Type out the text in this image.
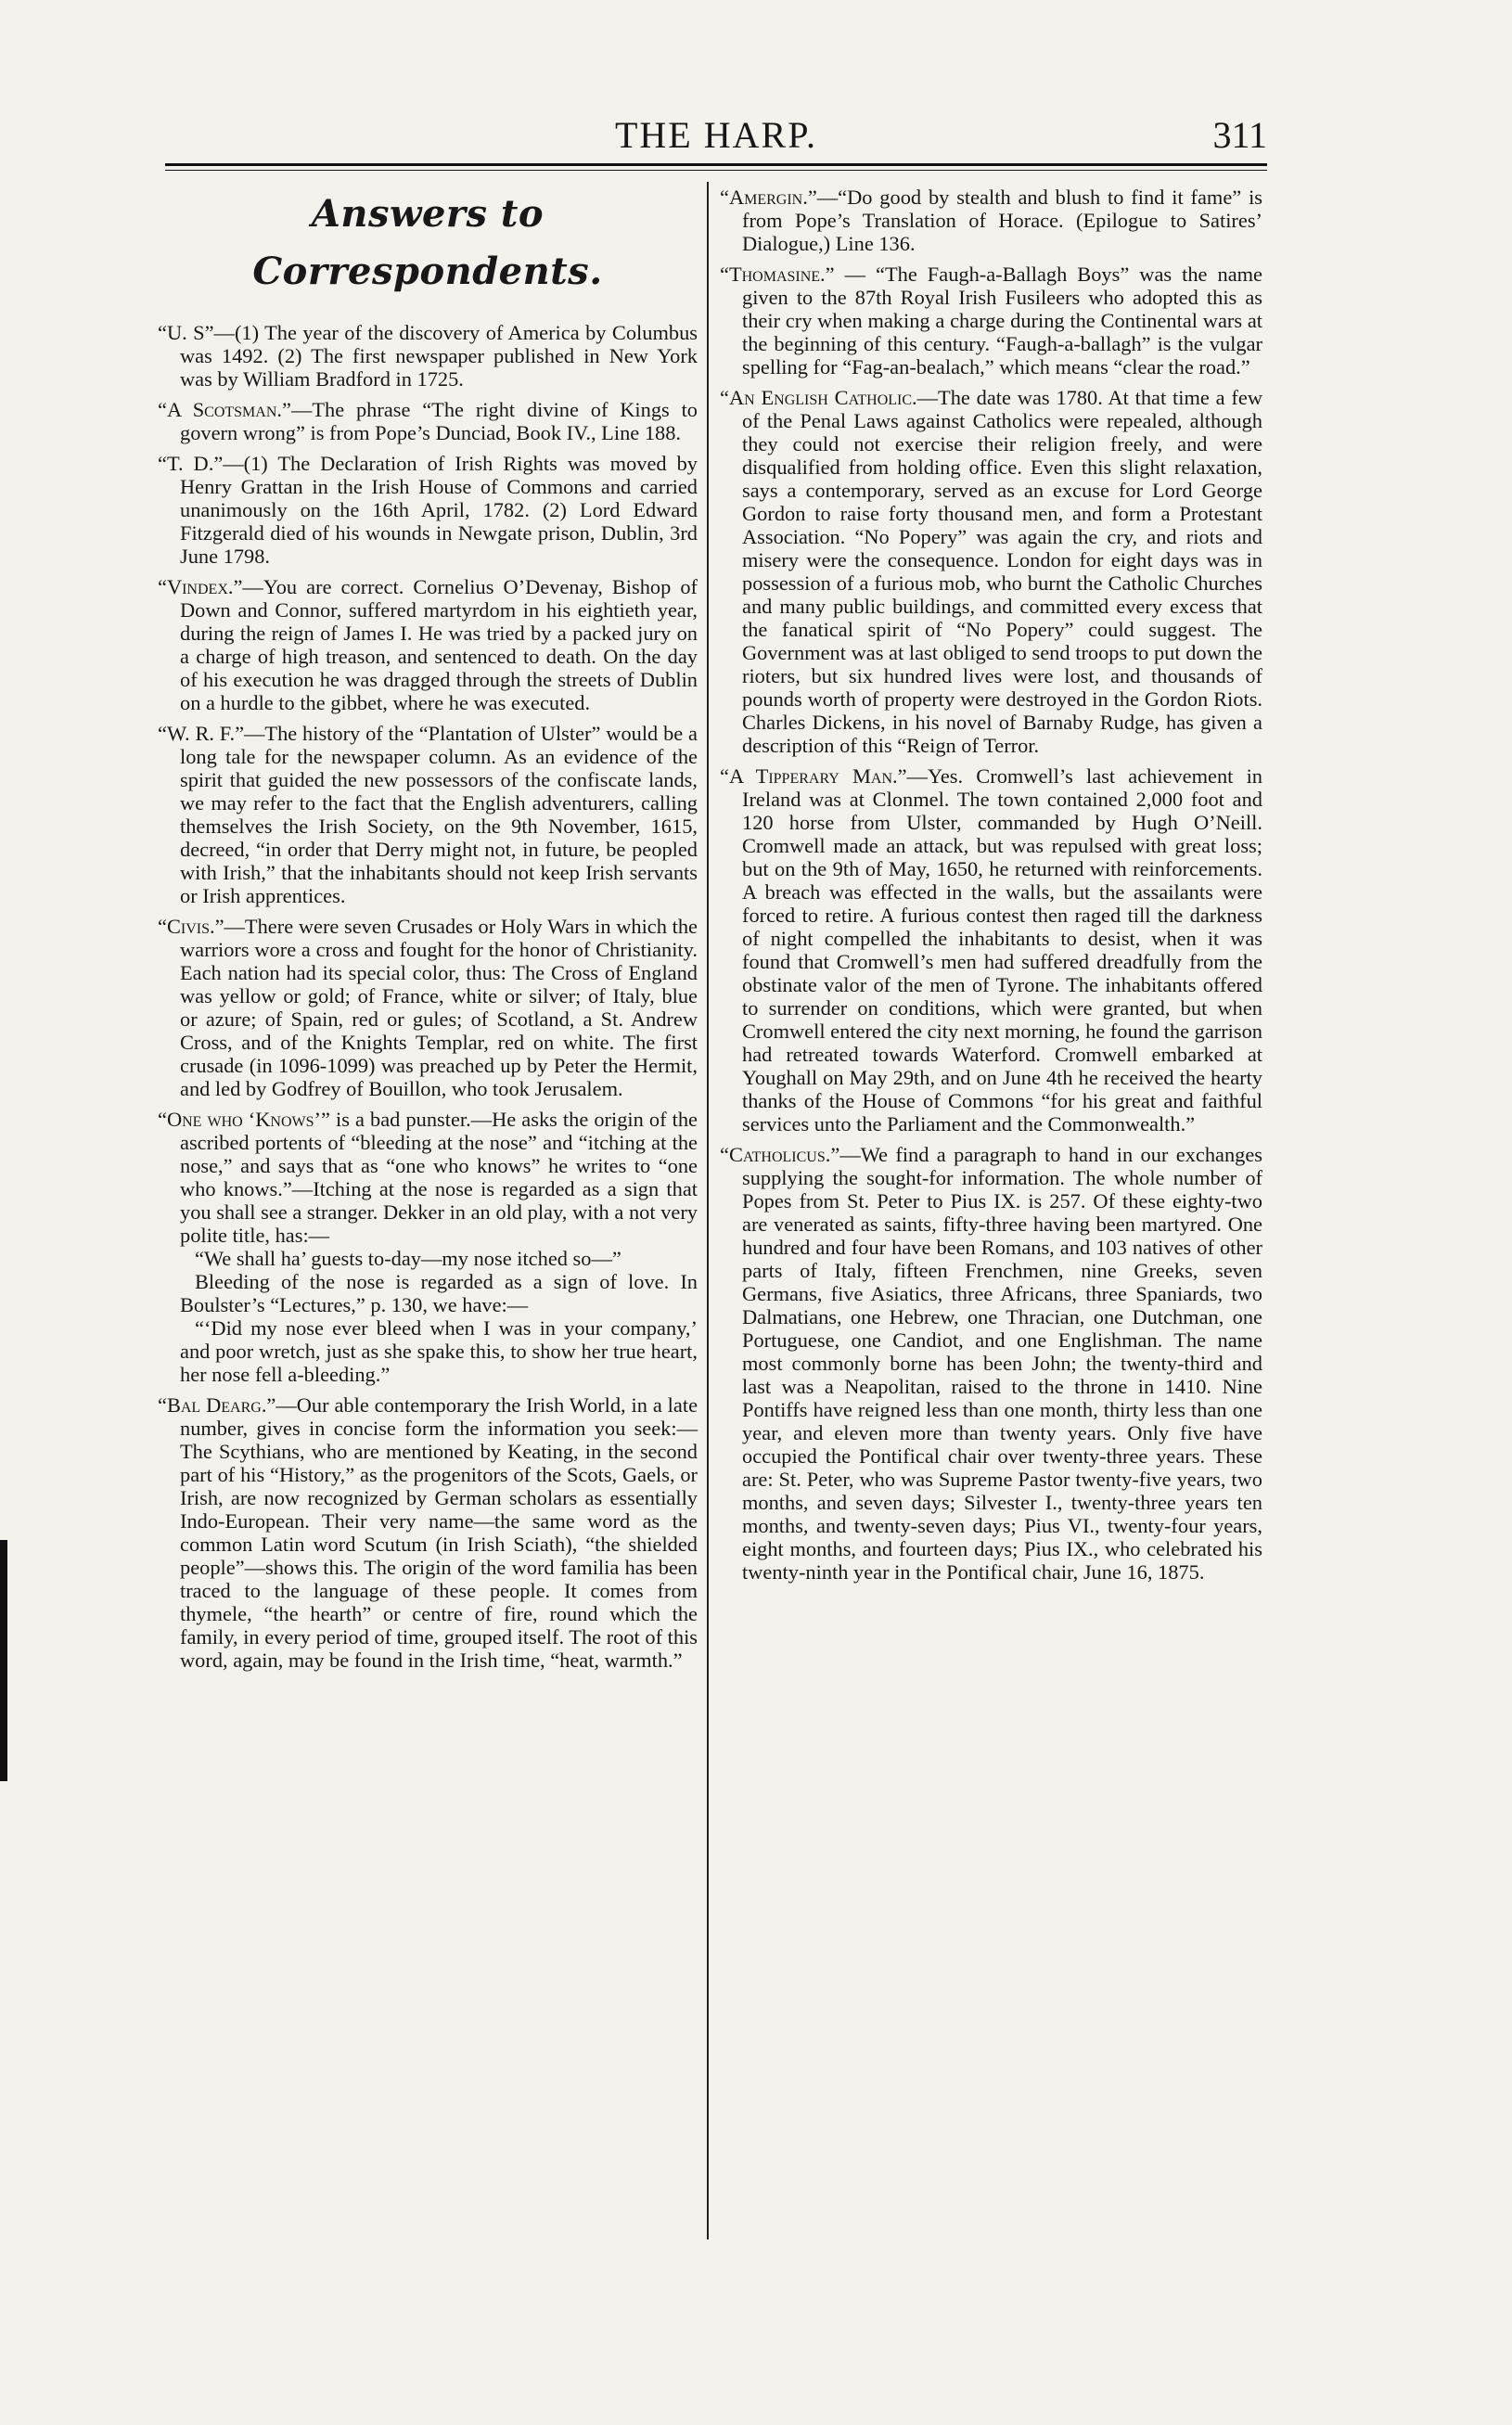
THE HARP.	311
Answers to Correspondents.

“U. S”—(1) The year of the discovery of America by Columbus was 1492. (2) The first newspaper published in New York was by William Bradford in 1725.

“A Scotsman.”—The phrase “The right divine of Kings to govern wrong” is from Pope’s Dunciad, Book IV., Line 188.

“T. D.”—(1) The Declaration of Irish Rights was moved by Henry Grattan in the Irish House of Commons and carried unanimously on the 16th April, 1782. (2) Lord Edward Fitzgerald died of his wounds in Newgate prison, Dublin, 3rd June 1798.

“Vindex.”—You are correct. Cornelius O’Devenay, Bishop of Down and Connor, suffered martyrdom in his eightieth year, during the reign of James I. He was tried by a packed jury on a charge of high treason, and sentenced to death. On the day of his execution he was dragged through the streets of Dublin on a hurdle to the gibbet, where he was executed.

“W. R. F.”—The history of the “Plantation of Ulster” would be a long tale for the newspaper column. As an evidence of the spirit that guided the new possessors of the confiscate lands, we may refer to the fact that the English adventurers, calling themselves the Irish Society, on the 9th November, 1615, decreed, “in order that Derry might not, in future, be peopled with Irish,” that the inhabitants should not keep Irish servants or Irish apprentices.

“Civis.”—There were seven Crusades or Holy Wars in which the warriors wore a cross and fought for the honor of Christianity. Each nation had its special color, thus: The Cross of England was yellow or gold; of France, white or silver; of Italy, blue or azure; of Spain, red or gules; of Scotland, a St. Andrew Cross, and of the Knights Templar, red on white. The first crusade (in 1096-1099) was preached up by Peter the Hermit, and led by Godfrey of Bouillon, who took Jerusalem.

“One who ‘Knows’” is a bad punster.—He asks the origin of the ascribed portents of “bleeding at the nose” and “itching at the nose,” and says that as “one who knows” he writes to “one who knows.”—Itching at the nose is regarded as a sign that you shall see a stranger. Dekker in an old play, with a not very polite title, has:—

“We shall ha’ guests to-day—my nose itched so—”

Bleeding of the nose is regarded as a sign of love. In Boulster’s “Lectures,” p. 130, we have:—

“‘Did my nose ever bleed when I was in your company,’ and poor wretch, just as she spake this, to show her true heart, her nose fell a-bleeding.”

“Bal Dearg.”—Our able contemporary the Irish World, in a late number, gives in concise form the information you seek:—The Scythians, who are mentioned by Keating, in the second part of his “History,” as the progenitors of the Scots, Gaels, or Irish, are now recognized by German scholars as essentially Indo-European. Their very name—the same word as the common Latin word Scutum (in Irish Sciath), “the shielded people”—shows this. The origin of the word familia has been traced to the language of these people. It comes from thymele, “the hearth” or centre of fire, round which the family, in every period of time, grouped itself. The root of this word, again, may be found in the Irish time, “heat, warmth.”

“Amergin.”—“Do good by stealth and blush to find it fame” is from Pope’s Translation of Horace. (Epilogue to Satires’ Dialogue,) Line 136.

“Thomasine.” — “The Faugh-a-Ballagh Boys” was the name given to the 87th Royal Irish Fusileers who adopted this as their cry when making a charge during the Continental wars at the beginning of this century. “Faugh-a-ballagh” is the vulgar spelling for “Fag-an-bealach,” which means “clear the road.”

“An English Catholic.—The date was 1780. At that time a few of the Penal Laws against Catholics were repealed, although they could not exercise their religion freely, and were disqualified from holding office. Even this slight relaxation, says a contemporary, served as an excuse for Lord George Gordon to raise forty thousand men, and form a Protestant Association. “No Popery” was again the cry, and riots and misery were the consequence. London for eight days was in possession of a furious mob, who burnt the Catholic Churches and many public buildings, and committed every excess that the fanatical spirit of “No Popery” could suggest. The Government was at last obliged to send troops to put down the rioters, but six hundred lives were lost, and thousands of pounds worth of property were destroyed in the Gordon Riots. Charles Dickens, in his novel of Barnaby Rudge, has given a description of this “Reign of Terror.

“A Tipperary Man.”—Yes. Cromwell’s last achievement in Ireland was at Clonmel. The town contained 2,000 foot and 120 horse from Ulster, commanded by Hugh O’Neill. Cromwell made an attack, but was repulsed with great loss; but on the 9th of May, 1650, he returned with reinforcements. A breach was effected in the walls, but the assailants were forced to retire. A furious contest then raged till the darkness of night compelled the inhabitants to desist, when it was found that Cromwell’s men had suffered dreadfully from the obstinate valor of the men of Tyrone. The inhabitants offered to surrender on conditions, which were granted, but when Cromwell entered the city next morning, he found the garrison had retreated towards Waterford. Cromwell embarked at Youghall on May 29th, and on June 4th he received the hearty thanks of the House of Commons “for his great and faithful services unto the Parliament and the Commonwealth.”

“Catholicus.”—We find a paragraph to hand in our exchanges supplying the sought-for information. The whole number of Popes from St. Peter to Pius IX. is 257. Of these eighty-two are venerated as saints, fifty-three having been martyred. One hundred and four have been Romans, and 103 natives of other parts of Italy, fifteen Frenchmen, nine Greeks, seven Germans, five Asiatics, three Africans, three Spaniards, two Dalmatians, one Hebrew, one Thracian, one Dutchman, one Portuguese, one Candiot, and one Englishman. The name most commonly borne has been John; the twenty-third and last was a Neapolitan, raised to the throne in 1410. Nine Pontiffs have reigned less than one month, thirty less than one year, and eleven more than twenty years. Only five have occupied the Pontifical chair over twenty-three years. These are: St. Peter, who was Supreme Pastor twenty-five years, two months, and seven days; Silvester I., twenty-three years ten months, and twenty-seven days; Pius VI., twenty-four years, eight months, and fourteen days; Pius IX., who celebrated his twenty-ninth year in the Pontifical chair, June 16, 1875.
